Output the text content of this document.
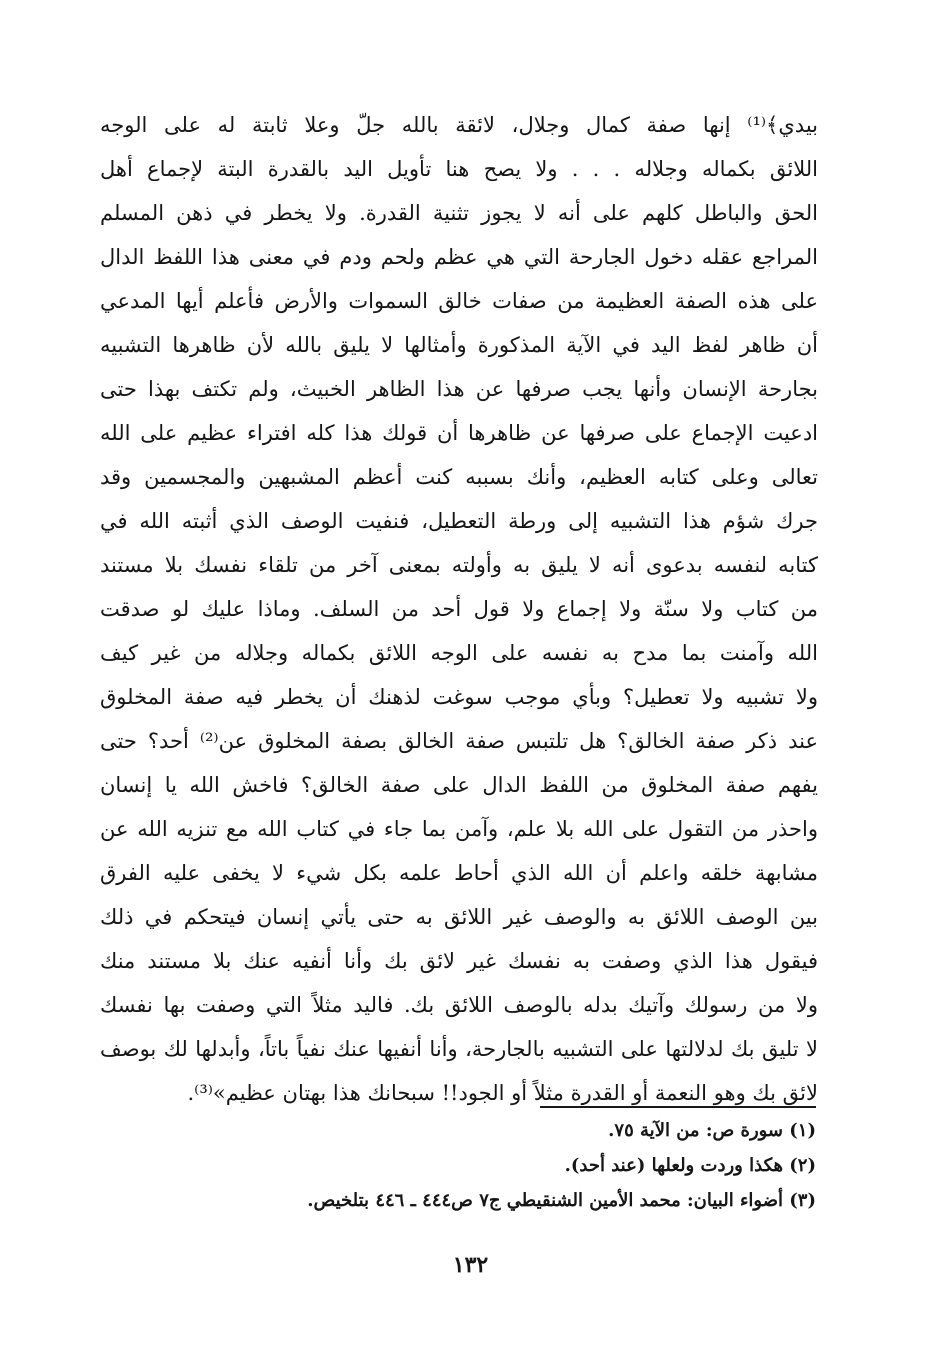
بيدي﴾⁽¹⁾ إنها صفة كمال وجلال، لائقة بالله جلّ وعلا ثابتة له على الوجه
اللائق بكماله وجلاله . . . ولا يصح هنا تأويل اليد بالقدرة البتة لإجماع أهل
الحق والباطل كلهم على أنه لا يجوز تثنية القدرة. ولا يخطر في ذهن المسلم
المراجع عقله دخول الجارحة التي هي عظم ولحم ودم في معنى هذا اللفظ الدال
على هذه الصفة العظيمة من صفات خالق السموات والأرض فأعلم أيها المدعي
أن ظاهر لفظ اليد في الآية المذكورة وأمثالها لا يليق بالله لأن ظاهرها التشبيه
بجارحة الإنسان وأنها يجب صرفها عن هذا الظاهر الخبيث، ولم تكتف بهذا حتى
ادعيت الإجماع على صرفها عن ظاهرها أن قولك هذا كله افتراء عظيم على الله
تعالى وعلى كتابه العظيم، وأنك بسببه كنت أعظم المشبهين والمجسمين وقد
جرك شؤم هذا التشبيه إلى ورطة التعطيل، فنفيت الوصف الذي أثبته الله في
كتابه لنفسه بدعوى أنه لا يليق به وأولته بمعنى آخر من تلقاء نفسك بلا مستند
من كتاب ولا سنّة ولا إجماع ولا قول أحد من السلف. وماذا عليك لو صدقت
الله وآمنت بما مدح به نفسه على الوجه اللائق بكماله وجلاله من غير كيف
ولا تشبيه ولا تعطيل؟ وبأي موجب سوغت لذهنك أن يخطر فيه صفة المخلوق
عند ذكر صفة الخالق؟ هل تلتبس صفة الخالق بصفة المخلوق عن⁽²⁾ أحد؟ حتى
يفهم صفة المخلوق من اللفظ الدال على صفة الخالق؟ فاخش الله يا إنسان
واحذر من التقول على الله بلا علم، وآمن بما جاء في كتاب الله مع تنزيه الله عن
مشابهة خلقه واعلم أن الله الذي أحاط علمه بكل شيء لا يخفى عليه الفرق
بين الوصف اللائق به والوصف غير اللائق به حتى يأتي إنسان فيتحكم في ذلك
فيقول هذا الذي وصفت به نفسك غير لائق بك وأنا أنفيه عنك بلا مستند منك
ولا من رسولك وآتيك بدله بالوصف اللائق بك. فاليد مثلاً التي وصفت بها نفسك
لا تليق بك لدلالتها على التشبيه بالجارحة، وأنا أنفيها عنك نفياً باتاً، وأبدلها لك بوصف
لائق بك وهو النعمة أو القدرة مثلاً أو الجود!! سبحانك هذا بهتان عظيم»⁽³⁾.
(١) سورة ص: من الآية ٧٥.
(٢) هكذا وردت ولعلها (عند أحد).
(٣) أضواء البيان: محمد الأمين الشنقيطي ج٧ ص٤٤٤ ـ ٤٤٦ بتلخيص.
١٣٢
